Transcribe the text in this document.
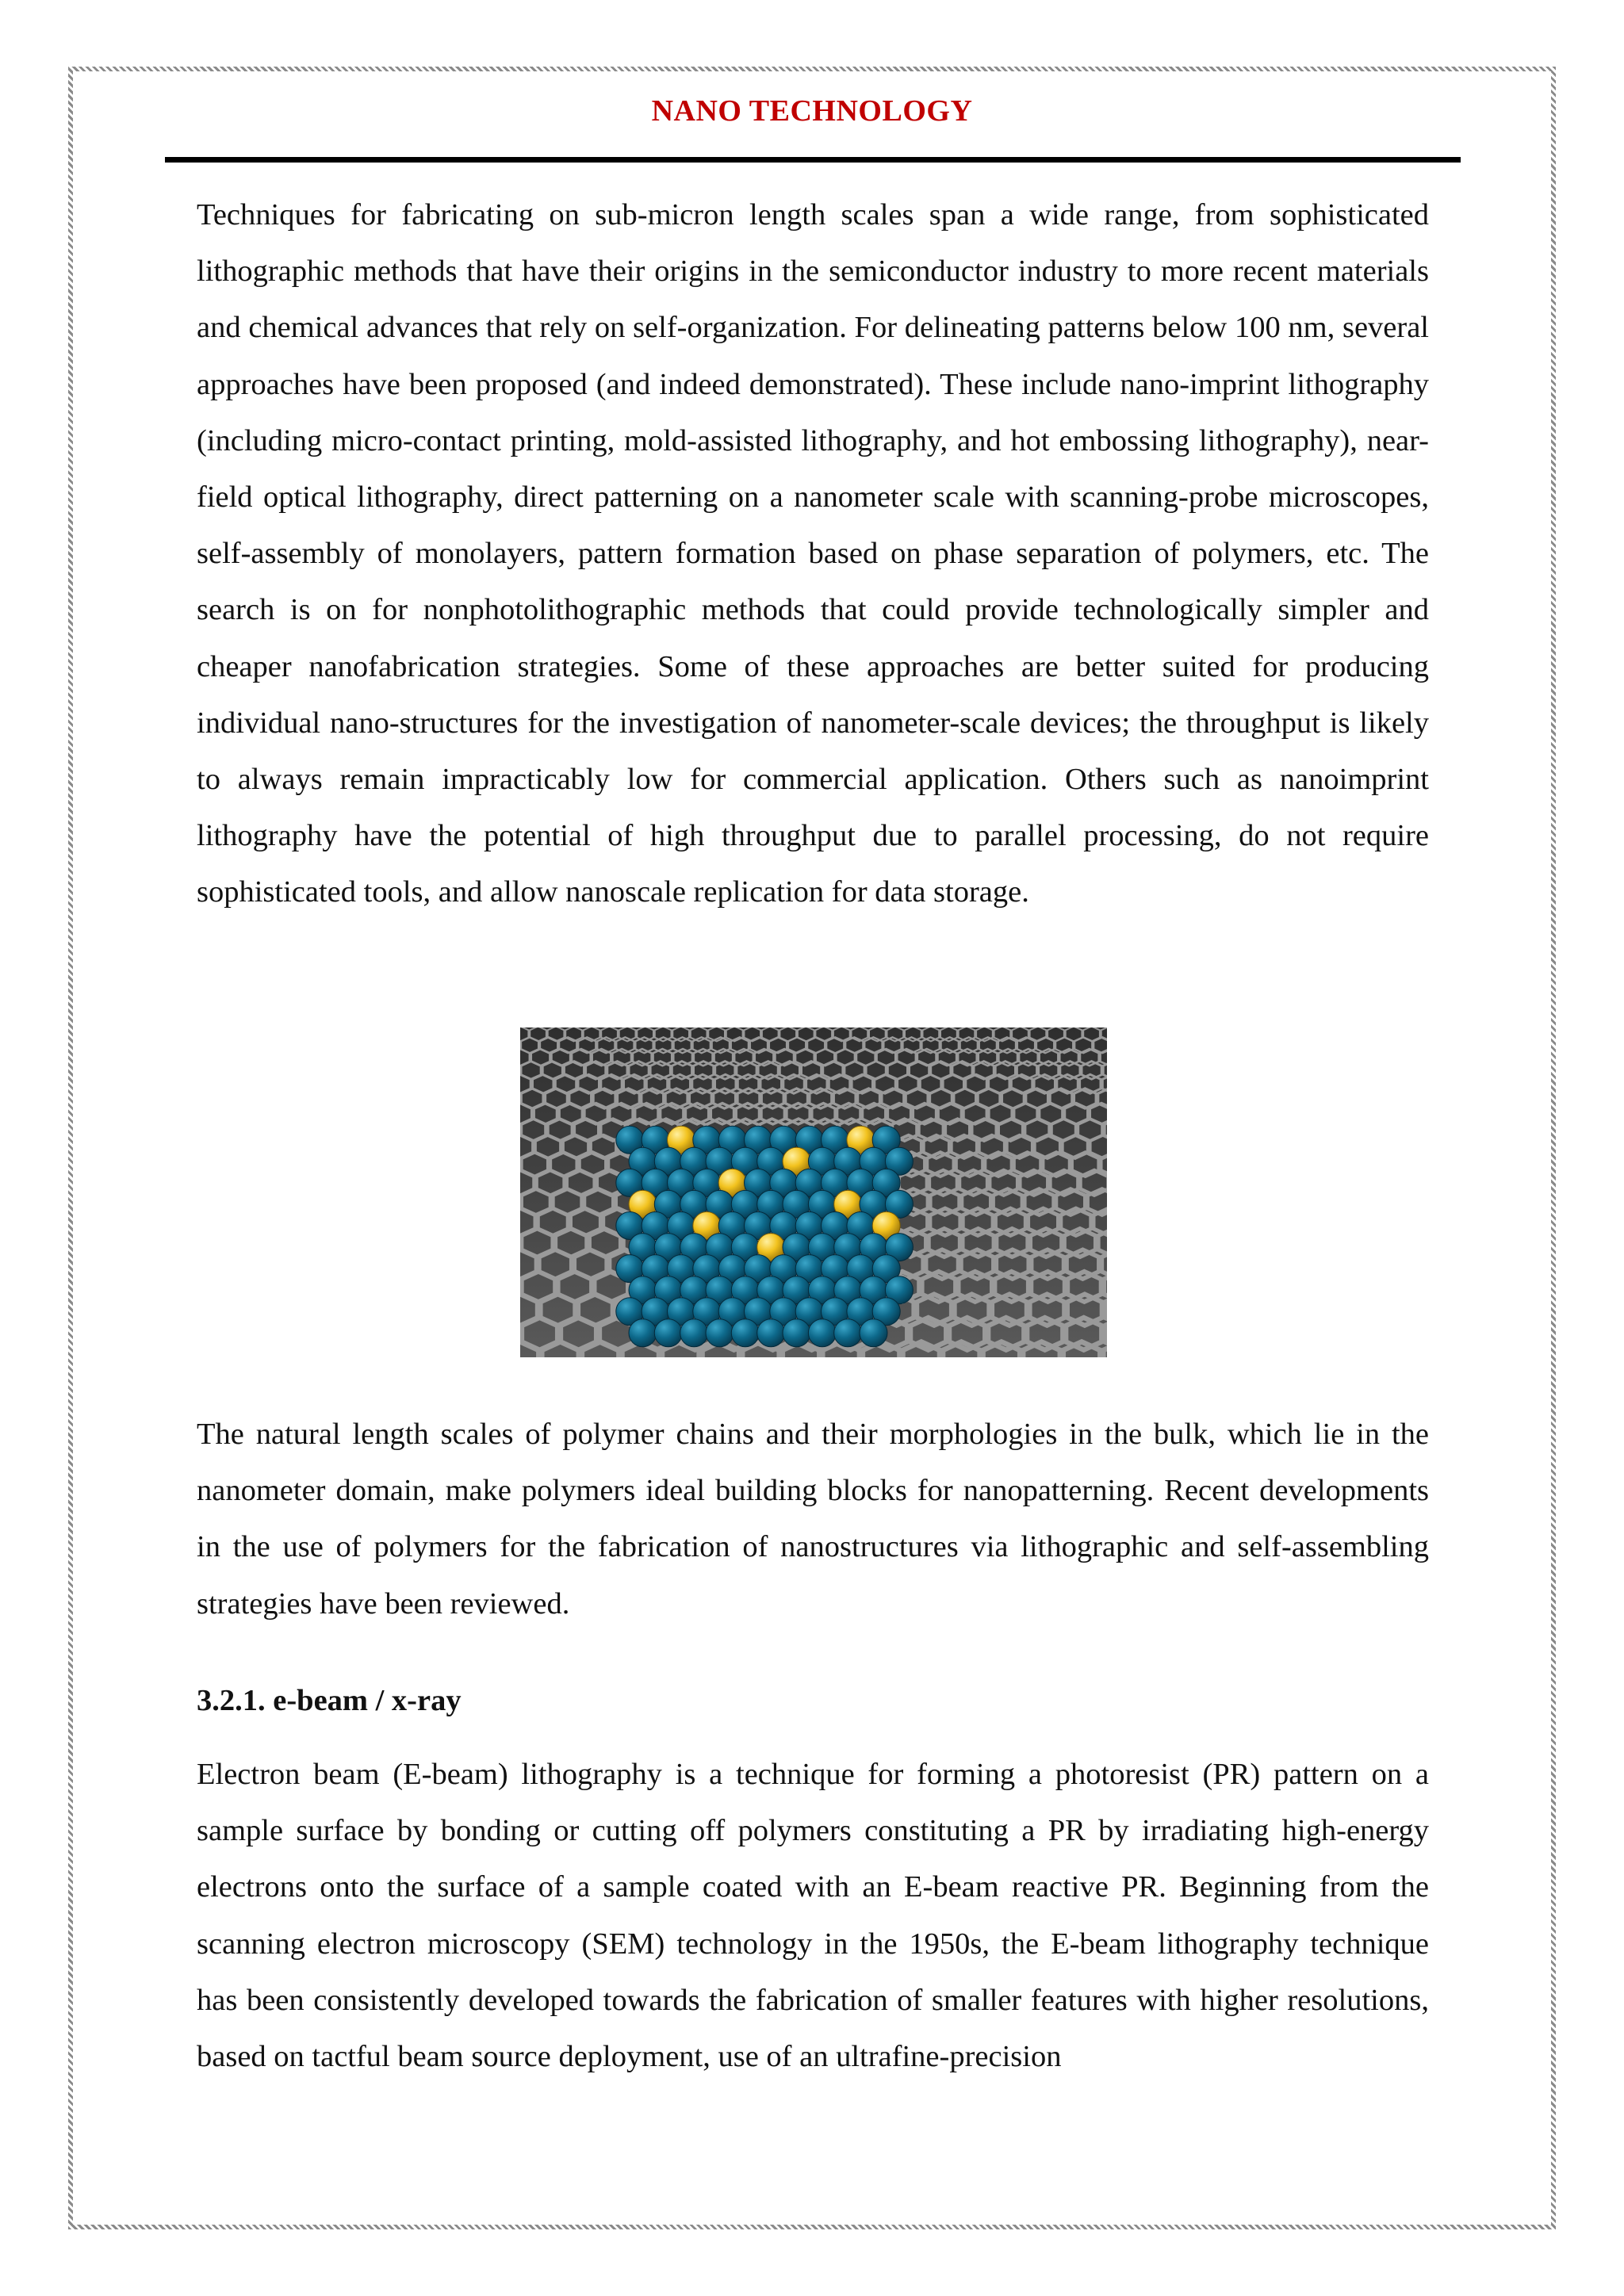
NANO TECHNOLOGY

Techniques for fabricating on sub-micron length scales span a wide range, from sophisticated lithographic methods that have their origins in the semiconductor industry to more recent materials and chemical advances that rely on self-organization. For delineating patterns below 100 nm, several approaches have been proposed (and indeed demonstrated). These include nano-imprint lithography (including micro-contact printing, mold-assisted lithography, and hot embossing lithography), near-field optical lithography, direct patterning on a nanometer scale with scanning-probe microscopes, self-assembly of monolayers, pattern formation based on phase separation of polymers, etc. The search is on for nonphotolithographic methods that could provide technologically simpler and cheaper nanofabrication strategies. Some of these approaches are better suited for producing individual nano-structures for the investigation of nanometer-scale devices; the throughput is likely to always remain impracticably low for commercial application. Others such as nanoimprint lithography have the potential of high throughput due to parallel processing, do not require sophisticated tools, and allow nanoscale replication for data storage.

The natural length scales of polymer chains and their morphologies in the bulk, which lie in the nanometer domain, make polymers ideal building blocks for nanopatterning. Recent developments in the use of polymers for the fabrication of nanostructures via lithographic and self-assembling strategies have been reviewed.

3.2.1. e-beam / x-ray

Electron beam (E-beam) lithography is a technique for forming a photoresist (PR) pattern on a sample surface by bonding or cutting off polymers constituting a PR by irradiating high-energy electrons onto the surface of a sample coated with an E-beam reactive PR. Beginning from the scanning electron microscopy (SEM) technology in the 1950s, the E-beam lithography technique has been consistently developed towards the fabrication of smaller features with higher resolutions, based on tactful beam source deployment, use of an ultrafine-precision
